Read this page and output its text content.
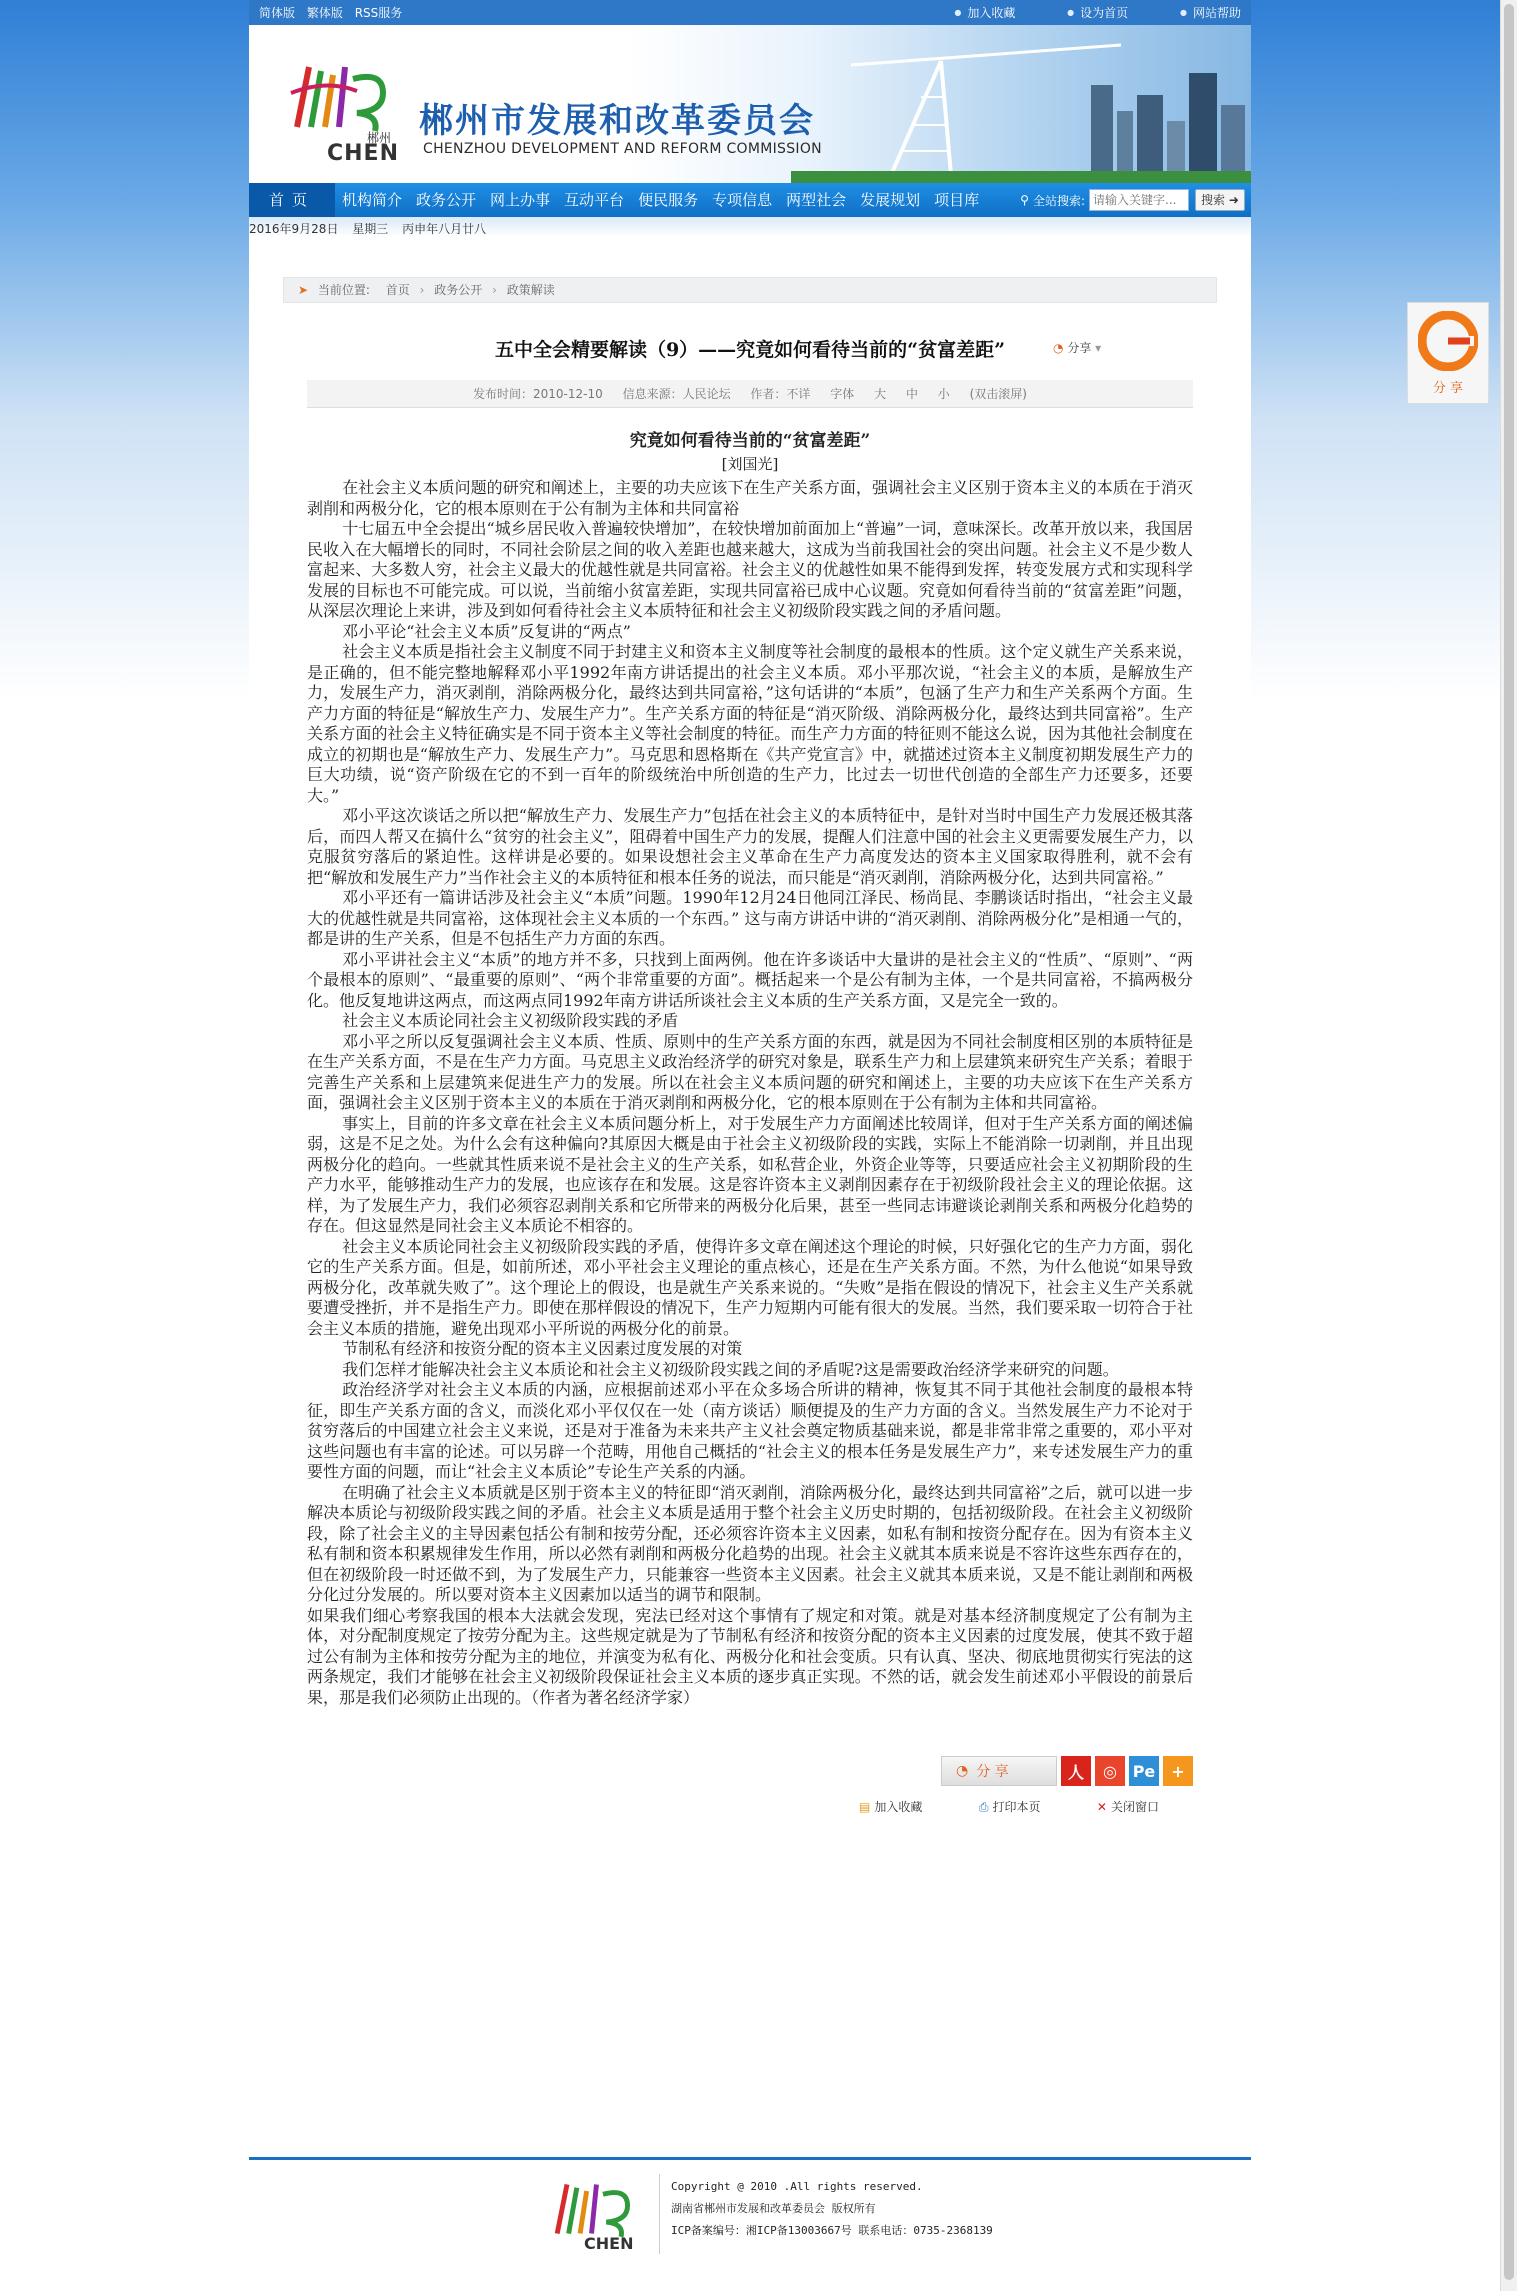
简体版 繁体版 RSS服务	● 加入收藏	● 设为首页	● 网站帮助
郴州
CHEN
郴州市发展和改革委员会
CHENZHOU DEVELOPMENT AND REFORM COMMISSION
首页	机构简介 政务公开 网上办事 互动平台 便民服务 专项信息 两型社会 发展规划 项目库	⚲ 全站搜索:
请输入关键字...	搜索 ➜
2016年9月28日 星期三 丙申年八月廿八
➤ 当前位置: 首页 › 政务公开 › 政策解读
五中全会精要解读（9）——究竟如何看待当前的“贫富差距”	◔ 分享 ▾
发布时间：2010-12-10 信息来源：人民论坛 作者：不详 字体 大 中 小 (双击滚屏)
究竟如何看待当前的“贫富差距”
[刘国光]

在社会主义本质问题的研究和阐述上，主要的功夫应该下在生产关系方面，强调社会主义区别于资本主义的本质在于消灭剥削和两极分化，它的根本原则在于公有制为主体和共同富裕

十七届五中全会提出“城乡居民收入普遍较快增加”，在较快增加前面加上“普遍”一词，意味深长。改革开放以来，我国居民收入在大幅增长的同时，不同社会阶层之间的收入差距也越来越大，这成为当前我国社会的突出问题。社会主义不是少数人富起来、大多数人穷，社会主义最大的优越性就是共同富裕。社会主义的优越性如果不能得到发挥，转变发展方式和实现科学发展的目标也不可能完成。可以说，当前缩小贫富差距，实现共同富裕已成中心议题。究竟如何看待当前的“贫富差距”问题，从深层次理论上来讲，涉及到如何看待社会主义本质特征和社会主义初级阶段实践之间的矛盾问题。

邓小平论“社会主义本质”反复讲的“两点”

社会主义本质是指社会主义制度不同于封建主义和资本主义制度等社会制度的最根本的性质。这个定义就生产关系来说，是正确的，但不能完整地解释邓小平1992年南方讲话提出的社会主义本质。邓小平那次说，“社会主义的本质，是解放生产力，发展生产力，消灭剥削，消除两极分化，最终达到共同富裕，”这句话讲的“本质”，包涵了生产力和生产关系两个方面。生产力方面的特征是“解放生产力、发展生产力”。生产关系方面的特征是“消灭阶级、消除两极分化，最终达到共同富裕”。生产关系方面的社会主义特征确实是不同于资本主义等社会制度的特征。而生产力方面的特征则不能这么说，因为其他社会制度在成立的初期也是“解放生产力、发展生产力”。马克思和恩格斯在《共产党宣言》中，就描述过资本主义制度初期发展生产力的巨大功绩，说“资产阶级在它的不到一百年的阶级统治中所创造的生产力，比过去一切世代创造的全部生产力还要多，还要大。”

邓小平这次谈话之所以把“解放生产力、发展生产力”包括在社会主义的本质特征中，是针对当时中国生产力发展还极其落后，而四人帮又在搞什么“贫穷的社会主义”，阻碍着中国生产力的发展，提醒人们注意中国的社会主义更需要发展生产力，以克服贫穷落后的紧迫性。这样讲是必要的。如果设想社会主义革命在生产力高度发达的资本主义国家取得胜利，就不会有把“解放和发展生产力”当作社会主义的本质特征和根本任务的说法，而只能是“消灭剥削，消除两极分化，达到共同富裕。”

邓小平还有一篇讲话涉及社会主义“本质”问题。1990年12月24日他同江泽民、杨尚昆、李鹏谈话时指出，“社会主义最大的优越性就是共同富裕，这体现社会主义本质的一个东西。” 这与南方讲话中讲的“消灭剥削、消除两极分化”是相通一气的，都是讲的生产关系，但是不包括生产力方面的东西。

邓小平讲社会主义“本质”的地方并不多，只找到上面两例。他在许多谈话中大量讲的是社会主义的“性质”、“原则”、“两个最根本的原则”、“最重要的原则”、“两个非常重要的方面”。概括起来一个是公有制为主体，一个是共同富裕，不搞两极分化。他反复地讲这两点，而这两点同1992年南方讲话所谈社会主义本质的生产关系方面，又是完全一致的。

社会主义本质论同社会主义初级阶段实践的矛盾

邓小平之所以反复强调社会主义本质、性质、原则中的生产关系方面的东西，就是因为不同社会制度相区别的本质特征是在生产关系方面，不是在生产力方面。马克思主义政治经济学的研究对象是，联系生产力和上层建筑来研究生产关系；着眼于完善生产关系和上层建筑来促进生产力的发展。所以在社会主义本质问题的研究和阐述上，主要的功夫应该下在生产关系方面，强调社会主义区别于资本主义的本质在于消灭剥削和两极分化，它的根本原则在于公有制为主体和共同富裕。

事实上，目前的许多文章在社会主义本质问题分析上，对于发展生产力方面阐述比较周详，但对于生产关系方面的阐述偏弱，这是不足之处。为什么会有这种偏向?其原因大概是由于社会主义初级阶段的实践，实际上不能消除一切剥削，并且出现两极分化的趋向。一些就其性质来说不是社会主义的生产关系，如私营企业，外资企业等等，只要适应社会主义初期阶段的生产力水平，能够推动生产力的发展，也应该存在和发展。这是容许资本主义剥削因素存在于初级阶段社会主义的理论依据。这样，为了发展生产力，我们必须容忍剥削关系和它所带来的两极分化后果，甚至一些同志讳避谈论剥削关系和两极分化趋势的存在。但这显然是同社会主义本质论不相容的。

社会主义本质论同社会主义初级阶段实践的矛盾，使得许多文章在阐述这个理论的时候，只好强化它的生产力方面，弱化它的生产关系方面。但是，如前所述，邓小平社会主义理论的重点核心，还是在生产关系方面。不然，为什么他说“如果导致两极分化，改革就失败了”。这个理论上的假设，也是就生产关系来说的。“失败”是指在假设的情况下，社会主义生产关系就要遭受挫折，并不是指生产力。即使在那样假设的情况下，生产力短期内可能有很大的发展。当然，我们要采取一切符合于社会主义本质的措施，避免出现邓小平所说的两极分化的前景。

节制私有经济和按资分配的资本主义因素过度发展的对策

我们怎样才能解决社会主义本质论和社会主义初级阶段实践之间的矛盾呢?这是需要政治经济学来研究的问题。

政治经济学对社会主义本质的内涵，应根据前述邓小平在众多场合所讲的精神，恢复其不同于其他社会制度的最根本特征，即生产关系方面的含义，而淡化邓小平仅仅在一处（南方谈话）顺便提及的生产力方面的含义。当然发展生产力不论对于贫穷落后的中国建立社会主义来说，还是对于准备为未来共产主义社会奠定物质基础来说，都是非常非常之重要的，邓小平对这些问题也有丰富的论述。可以另辟一个范畴，用他自己概括的“社会主义的根本任务是发展生产力”，来专述发展生产力的重要性方面的问题，而让“社会主义本质论”专论生产关系的内涵。

在明确了社会主义本质就是区别于资本主义的特征即“消灭剥削，消除两极分化，最终达到共同富裕”之后，就可以进一步解决本质论与初级阶段实践之间的矛盾。社会主义本质是适用于整个社会主义历史时期的，包括初级阶段。在社会主义初级阶段，除了社会主义的主导因素包括公有制和按劳分配，还必须容许资本主义因素，如私有制和按资分配存在。因为有资本主义私有制和资本积累规律发生作用，所以必然有剥削和两极分化趋势的出现。社会主义就其本质来说是不容许这些东西存在的，但在初级阶段一时还做不到，为了发展生产力，只能兼容一些资本主义因素。社会主义就其本质来说，又是不能让剥削和两极分化过分发展的。所以要对资本主义因素加以适当的调节和限制。

如果我们细心考察我国的根本大法就会发现，宪法已经对这个事情有了规定和对策。就是对基本经济制度规定了公有制为主体，对分配制度规定了按劳分配为主。这些规定就是为了节制私有经济和按资分配的资本主义因素的过度发展，使其不致于超过公有制为主体和按劳分配为主的地位，并演变为私有化、两极分化和社会变质。只有认真、坚决、彻底地贯彻实行宪法的这两条规定，我们才能够在社会主义初级阶段保证社会主义本质的逐步真正实现。不然的话，就会发生前述邓小平假设的前景后果，那是我们必须防止出现的。（作者为著名经济学家）

◔ 分 享	人	◎ Pe	+
▤ 加入收藏	⎙ 打印本页	✕ 关闭窗口
CHEN
Copyright @ 2010 .All rights reserved.
湖南省郴州市发展和改革委员会 版权所有
ICP备案编号：湘ICP备13003667号 联系电话：0735-2368139
分 享
